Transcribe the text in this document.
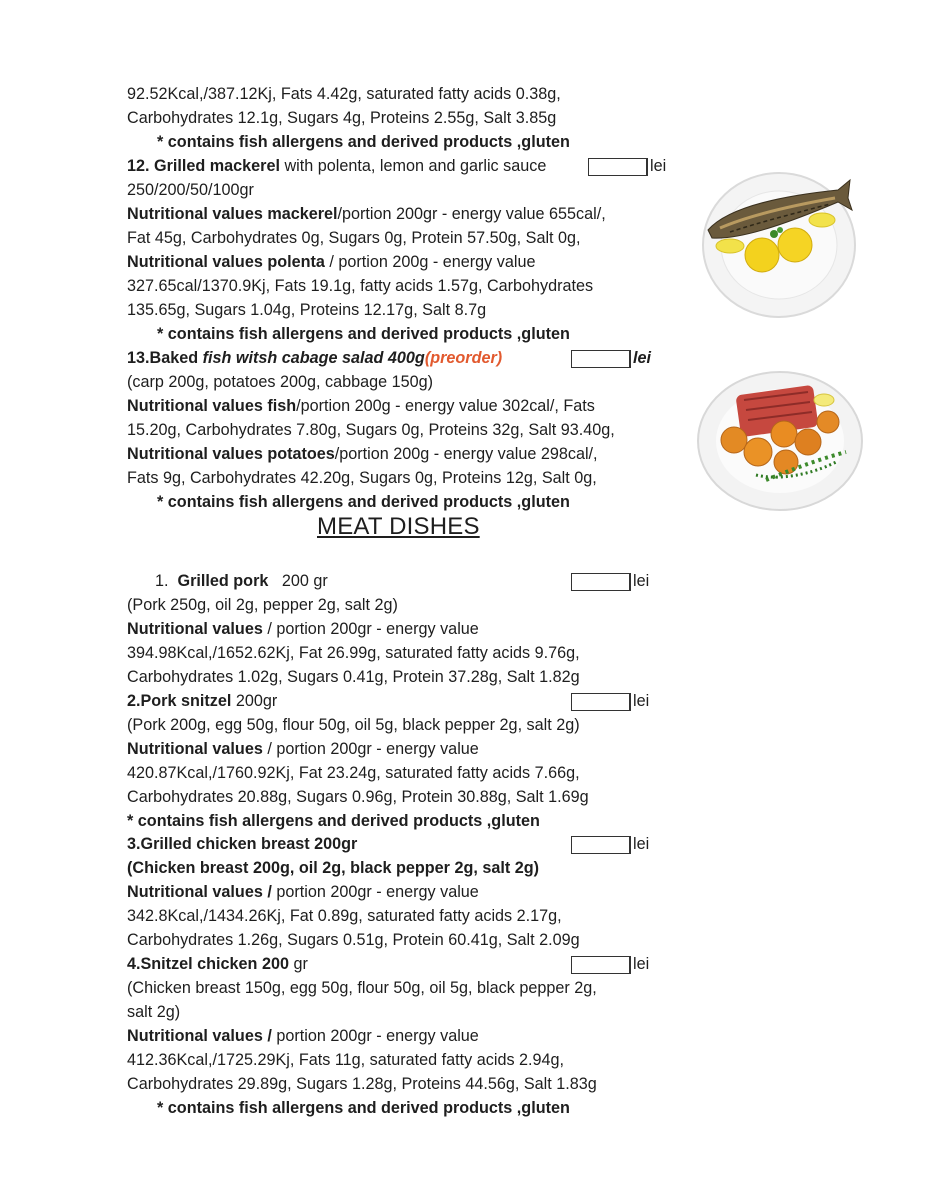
92.52Kcal,/387.12Kj, Fats 4.42g, saturated fatty acids 0.38g,
Carbohydrates 12.1g, Sugars 4g, Proteins 2.55g, Salt 3.85g
* contains fish allergens and derived products ,gluten
12. Grilled mackerel with polenta, lemon and garlic sauce	lei
250/200/50/100gr
Nutritional values mackerel/portion 200gr - energy value 655cal/,
Fat 45g, Carbohydrates 0g, Sugars 0g, Protein 57.50g, Salt 0g,
Nutritional values polenta / portion 200g - energy value
327.65cal/1370.9Kj, Fats 19.1g, fatty acids 1.57g, Carbohydrates
135.65g, Sugars 1.04g, Proteins 12.17g, Salt 8.7g
* contains fish allergens and derived products ,gluten
13.Baked fish witsh cabage salad 400g(preorder)	lei
(carp 200g, potatoes 200g, cabbage 150g)
Nutritional values fish/portion 200g - energy value 302cal/, Fats
15.20g, Carbohydrates 7.80g, Sugars 0g, Proteins 32g, Salt 93.40g,
Nutritional values potatoes/portion 200g - energy value 298cal/,
Fats 9g, Carbohydrates 42.20g, Sugars 0g, Proteins 12g, Salt 0g,
* contains fish allergens and derived products ,gluten
MEAT DISHES
1. Grilled pork 200 gr	lei
(Pork 250g, oil 2g, pepper 2g, salt 2g)
Nutritional values / portion 200gr - energy value
394.98Kcal,/1652.62Kj, Fat 26.99g, saturated fatty acids 9.76g,
Carbohydrates 1.02g, Sugars 0.41g, Protein 37.28g, Salt 1.82g
2.Pork snitzel 200gr	lei
(Pork 200g, egg 50g, flour 50g, oil 5g, black pepper 2g, salt 2g)
Nutritional values / portion 200gr - energy value
420.87Kcal,/1760.92Kj, Fat 23.24g, saturated fatty acids 7.66g,
Carbohydrates 20.88g, Sugars 0.96g, Protein 30.88g, Salt 1.69g
* contains fish allergens and derived products ,gluten
3.Grilled chicken breast 200gr	lei
(Chicken breast 200g, oil 2g, black pepper 2g, salt 2g)
Nutritional values / portion 200gr - energy value
342.8Kcal,/1434.26Kj, Fat 0.89g, saturated fatty acids 2.17g,
Carbohydrates 1.26g, Sugars 0.51g, Protein 60.41g, Salt 2.09g
4.Snitzel chicken 200 gr	lei
(Chicken breast 150g, egg 50g, flour 50g, oil 5g, black pepper 2g,
salt 2g)
Nutritional values / portion 200gr - energy value
412.36Kcal,/1725.29Kj, Fats 11g, saturated fatty acids 2.94g,
Carbohydrates 29.89g, Sugars 1.28g, Proteins 44.56g, Salt 1.83g
* contains fish allergens and derived products ,gluten
